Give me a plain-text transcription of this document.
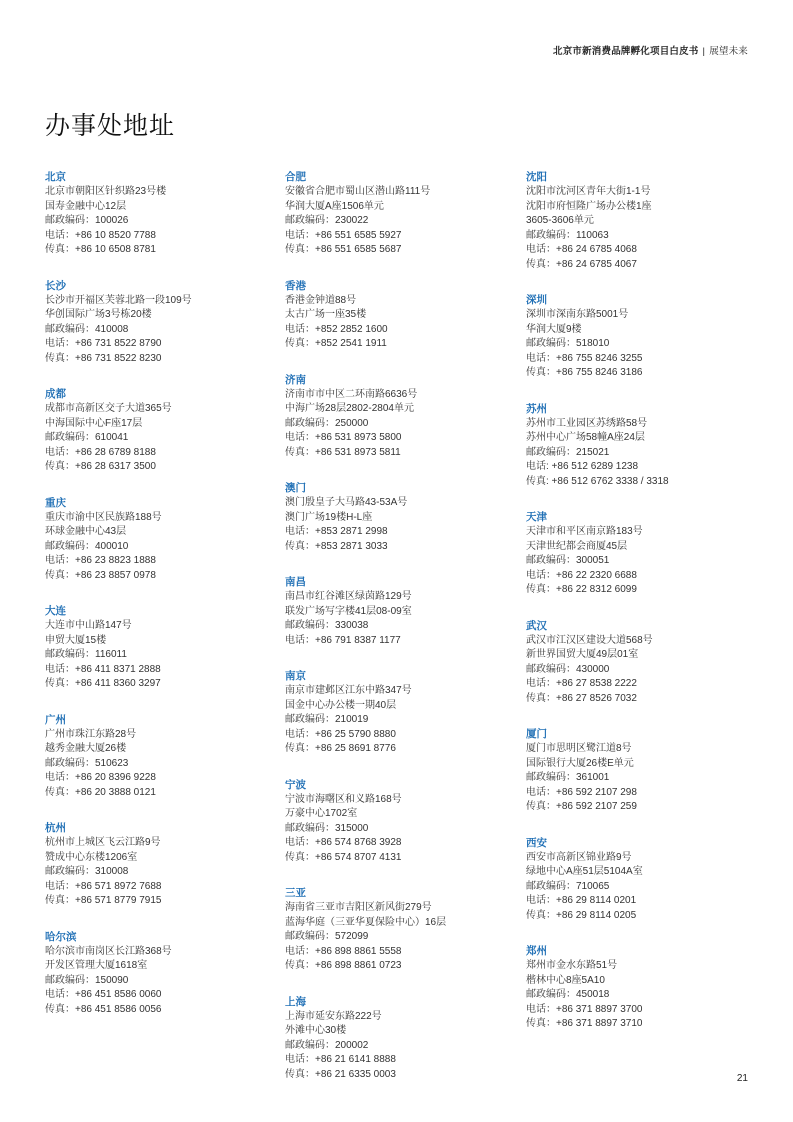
北京市新消费品牌孵化项目白皮书 | 展望未来
办事处地址
北京
北京市朝阳区针织路23号楼
国寿金融中心12层
邮政编码：100026
电话：+86 10 8520 7788
传真：+86 10 6508 8781
长沙
长沙市开福区芙蓉北路一段109号
华创国际广场3号栋20楼
邮政编码：410008
电话：+86 731 8522 8790
传真：+86 731 8522 8230
成都
成都市高新区交子大道365号
中海国际中心F座17层
邮政编码：610041
电话：+86 28 6789 8188
传真：+86 28 6317 3500
重庆
重庆市渝中区民族路188号
环球金融中心43层
邮政编码：400010
电话：+86 23 8823 1888
传真：+86 23 8857 0978
大连
大连市中山路147号
申贸大厦15楼
邮政编码：116011
电话：+86 411 8371 2888
传真：+86 411 8360 3297
广州
广州市珠江东路28号
越秀金融大厦26楼
邮政编码：510623
电话：+86 20 8396 9228
传真：+86 20 3888 0121
杭州
杭州市上城区飞云江路9号
赞成中心东楼1206室
邮政编码：310008
电话：+86 571 8972 7688
传真：+86 571 8779 7915
哈尔滨
哈尔滨市南岗区长江路368号
开发区管理大厦1618室
邮政编码：150090
电话：+86 451 8586 0060
传真：+86 451 8586 0056
合肥
安徽省合肥市蜀山区潜山路111号
华润大厦A座1506单元
邮政编码：230022
电话：+86 551 6585 5927
传真：+86 551 6585 5687
香港
香港金钟道88号
太古广场一座35楼
电话：+852 2852 1600
传真：+852 2541 1911
济南
济南市市中区二环南路6636号
中海广场28层2802-2804单元
邮政编码：250000
电话：+86 531 8973 5800
传真：+86 531 8973 5811
澳门
澳门殷皇子大马路43-53A号
澳门广场19楼H-L座
电话：+853 2871 2998
传真：+853 2871 3033
南昌
南昌市红谷滩区绿茵路129号
联发广场写字楼41层08-09室
邮政编码：330038
电话：+86 791 8387 1177
南京
南京市建邺区江东中路347号
国金中心办公楼一期40层
邮政编码：210019
电话：+86 25 5790 8880
传真：+86 25 8691 8776
宁波
宁波市海曙区和义路168号
万豪中心1702室
邮政编码：315000
电话：+86 574 8768 3928
传真：+86 574 8707 4131
三亚
海南省三亚市吉阳区新风街279号
蓝海华庭（三亚华夏保险中心）16层
邮政编码：572099
电话：+86 898 8861 5558
传真：+86 898 8861 0723
上海
上海市延安东路222号
外滩中心30楼
邮政编码：200002
电话：+86 21 6141 8888
传真：+86 21 6335 0003
沈阳
沈阳市沈河区青年大街1-1号
沈阳市府恒隆广场办公楼1座
3605-3606单元
邮政编码：110063
电话：+86 24 6785 4068
传真：+86 24 6785 4067
深圳
深圳市深南东路5001号
华润大厦9楼
邮政编码：518010
电话：+86 755 8246 3255
传真：+86 755 8246 3186
苏州
苏州市工业园区苏绣路58号
苏州中心广场58幢A座24层
邮政编码：215021
电话: +86 512 6289 1238
传真: +86 512 6762 3338 / 3318
天津
天津市和平区南京路183号
天津世纪都会商厦45层
邮政编码：300051
电话：+86 22 2320 6688
传真：+86 22 8312 6099
武汉
武汉市江汉区建设大道568号
新世界国贸大厦49层01室
邮政编码：430000
电话：+86 27 8538 2222
传真：+86 27 8526 7032
厦门
厦门市思明区鹭江道8号
国际银行大厦26楼E单元
邮政编码：361001
电话：+86 592 2107 298
传真：+86 592 2107 259
西安
西安市高新区锦业路9号
绿地中心A座51层5104A室
邮政编码：710065
电话：+86 29 8114 0201
传真：+86 29 8114 0205
郑州
郑州市金水东路51号
楷林中心8座5A10
邮政编码：450018
电话：+86 371 8897 3700
传真：+86 371 8897 3710
21
